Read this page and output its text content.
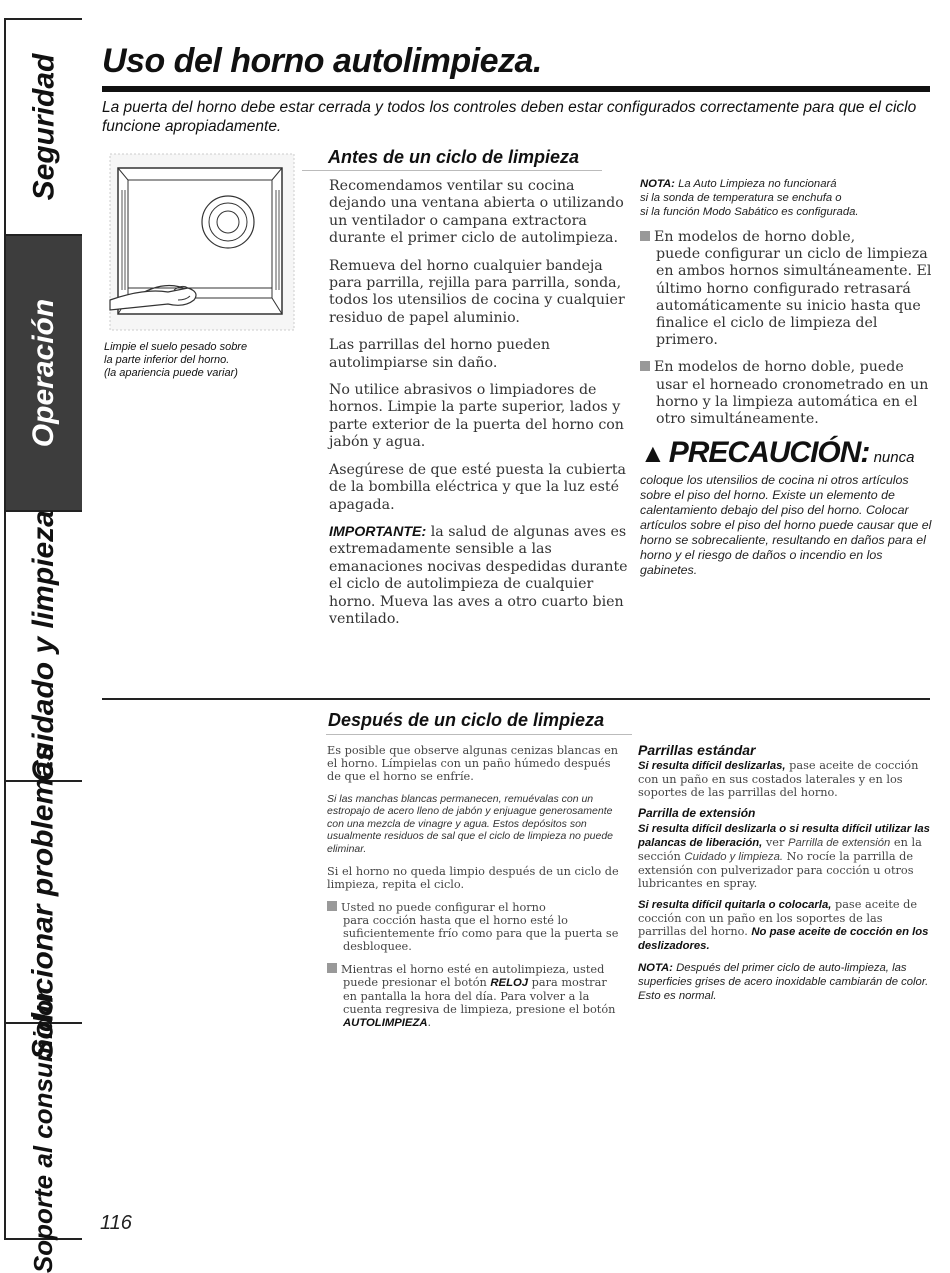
Seguridad
Operación
Cuidado y limpieza
Solucionar problemas
Soporte al consumidor
Uso del horno autolimpieza.
La puerta del horno debe estar cerrada y todos los controles deben estar configurados correctamente para que el ciclo funcione apropiadamente.
Limpie el suelo pesado sobre
la parte inferior del horno.
(la apariencia puede variar)
Antes de un ciclo de limpieza

Recomendamos ventilar su cocina dejando una ventana abierta o utilizando un ventilador o campana extractora durante el primer ciclo de autolimpieza.

Remueva del horno cualquier bandeja para parrilla, rejilla para parrilla, sonda, todos los utensilios de cocina y cualquier residuo de papel aluminio.

Las parrillas del horno pueden autolimpiarse sin daño.

No utilice abrasivos o limpiadores de hornos. Limpie la parte superior, lados y parte exterior de la puerta del horno con jabón y agua.

Asegúrese de que esté puesta la cubierta de la bombilla eléctrica y que la luz esté apagada.

IMPORTANTE: la salud de algunas aves es extremadamente sensible a las emanaciones nocivas despedidas durante el ciclo de autolimpieza de cualquier horno. Mueva las aves a otro cuarto bien ventilado.

NOTA: La Auto Limpieza no funcionará
si la sonda de temperatura se enchufa o
si la función Modo Sabático es configurada.
En modelos de horno doble,
puede configurar un ciclo de limpieza en ambos hornos simultáneamente. El último horno configurado retrasará automáticamente su inicio hasta que finalice el ciclo de limpieza del primero.
En modelos de horno doble, puede
usar el horneado cronometrado en un horno y la limpieza automática en el otro simultáneamente.
▲ PRECAUCIÓN: nunca
coloque los utensilios de cocina ni otros artículos sobre el piso del horno. Existe un elemento de calentamiento debajo del piso del horno. Colocar artículos sobre el piso del horno puede causar que el horno se sobrecaliente, resultando en daños para el horno y el riesgo de daños o incendio en los gabinetes.
Después de un ciclo de limpieza

Es posible que observe algunas cenizas blancas en el horno. Límpielas con un paño húmedo después de que el horno se enfríe.

Si las manchas blancas permanecen, remuévalas con un estropajo de acero lleno de jabón y enjuague generosamente con una mezcla de vinagre y agua. Estos depósitos son usualmente residuos de sal que el ciclo de limpieza no puede eliminar.

Si el horno no queda limpio después de un ciclo de limpieza, repita el ciclo.

Usted no puede configurar el horno
para cocción hasta que el horno esté lo suficientemente frío como para que la puerta se desbloquee.

Mientras el horno esté en autolimpieza, usted
puede presionar el botón RELOJ para mostrar en pantalla la hora del día. Para volver a la cuenta regresiva de limpieza, presione el botón AUTOLIMPIEZA.

Parrillas estándar

Si resulta difícil deslizarlas, pase aceite de cocción con un paño en sus costados laterales y en los soportes de las parrillas del horno.

Parrilla de extensión

Si resulta difícil deslizarla o si resulta difícil utilizar las palancas de liberación, ver Parrilla de extensión en la sección Cuidado y limpieza. No rocíe la parrilla de extensión con pulverizador para cocción u otros lubricantes en spray.

Si resulta difícil quitarla o colocarla, pase aceite de cocción con un paño en los soportes de las parrillas del horno. No pase aceite de cocción en los deslizadores.

NOTA: Después del primer ciclo de auto-limpieza, las superficies grises de acero inoxidable cambiarán de color. Esto es normal.

116
